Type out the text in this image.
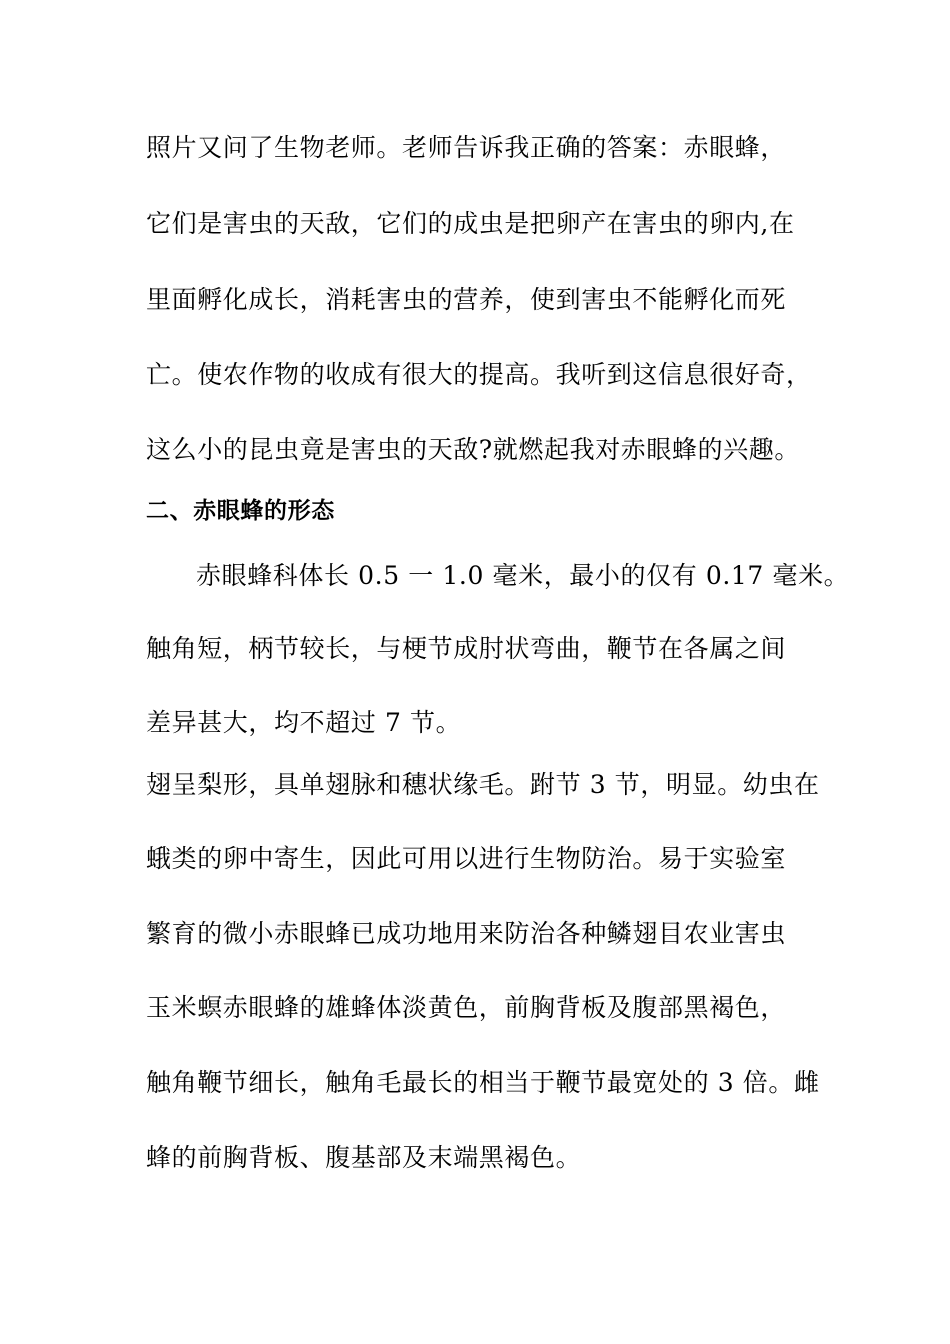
照片又问了生物老师。老师告诉我正确的答案：赤眼蜂，
它们是害虫的天敌，它们的成虫是把卵产在害虫的卵内,在
里面孵化成长，消耗害虫的营养，使到害虫不能孵化而死
亡。使农作物的收成有很大的提高。我听到这信息很好奇，
这么小的昆虫竟是害虫的天敌?就燃起我对赤眼蜂的兴趣。
二、赤眼蜂的形态
赤眼蜂科体长 0.5 一 1.0 毫米，最小的仅有 0.17 毫米。
触角短，柄节较长，与梗节成肘状弯曲，鞭节在各属之间
差异甚大，均不超过 7 节。
翅呈梨形，具单翅脉和穗状缘毛。跗节 3 节，明显。幼虫在
蛾类的卵中寄生，因此可用以进行生物防治。易于实验室
繁育的微小赤眼蜂已成功地用来防治各种鳞翅目农业害虫
玉米螟赤眼蜂的雄蜂体淡黄色，前胸背板及腹部黑褐色，
触角鞭节细长，触角毛最长的相当于鞭节最宽处的 3 倍。雌
蜂的前胸背板、腹基部及末端黑褐色。
